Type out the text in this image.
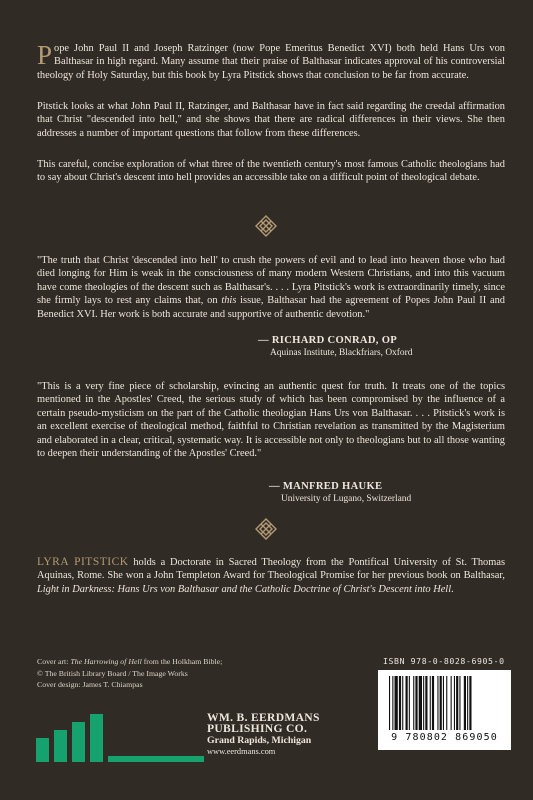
Pope John Paul II and Joseph Ratzinger (now Pope Emeritus Benedict XVI) both held Hans Urs von Balthasar in high regard. Many assume that their praise of Balthasar indicates approval of his controversial theology of Holy Saturday, but this book by Lyra Pitstick shows that conclusion to be far from accurate.

Pitstick looks at what John Paul II, Ratzinger, and Balthasar have in fact said regarding the creedal affirmation that Christ "descended into hell," and she shows that there are radical differences in their views. She then addresses a number of important questions that follow from these differences.

This careful, concise exploration of what three of the twentieth century's most famous Catholic theologians had to say about Christ's descent into hell provides an accessible take on a difficult point of theological debate.

"The truth that Christ 'descended into hell' to crush the powers of evil and to lead into heaven those who had died longing for Him is weak in the consciousness of many modern Western Christians, and into this vacuum have come theologies of the descent such as Balthasar's. . . . Lyra Pitstick's work is extraordinarily timely, since she firmly lays to rest any claims that, on this issue, Balthasar had the agreement of Popes John Paul II and Benedict XVI. Her work is both accurate and supportive of authentic devotion."

— RICHARD CONRAD, OP
Aquinas Institute, Blackfriars, Oxford

"This is a very fine piece of scholarship, evincing an authentic quest for truth. It treats one of the topics mentioned in the Apostles' Creed, the serious study of which has been compromised by the influence of a certain pseudo-mysticism on the part of the Catholic theologian Hans Urs von Balthasar. . . . Pitstick's work is an excellent exercise of theological method, faithful to Christian revelation as transmitted by the Magisterium and elaborated in a clear, critical, systematic way. It is accessible not only to theologians but to all those wanting to deepen their understanding of the Apostles' Creed."

— MANFRED HAUKE
University of Lugano, Switzerland

LYRA PITSTICK holds a Doctorate in Sacred Theology from the Pontifical University of St. Thomas Aquinas, Rome. She won a John Templeton Award for Theological Promise for her previous book on Balthasar, Light in Darkness: Hans Urs von Balthasar and the Catholic Doctrine of Christ's Descent into Hell.

Cover art: The Harrowing of Hell from the Holkham Bible;
© The British Library Board / The Image Works
Cover design: James T. Chiampas
WM. B. EERDMANS
PUBLISHING CO.
Grand Rapids, Michigan
www.eerdmans.com
ISBN 978-0-8028-6905-0
9 780802 869050
